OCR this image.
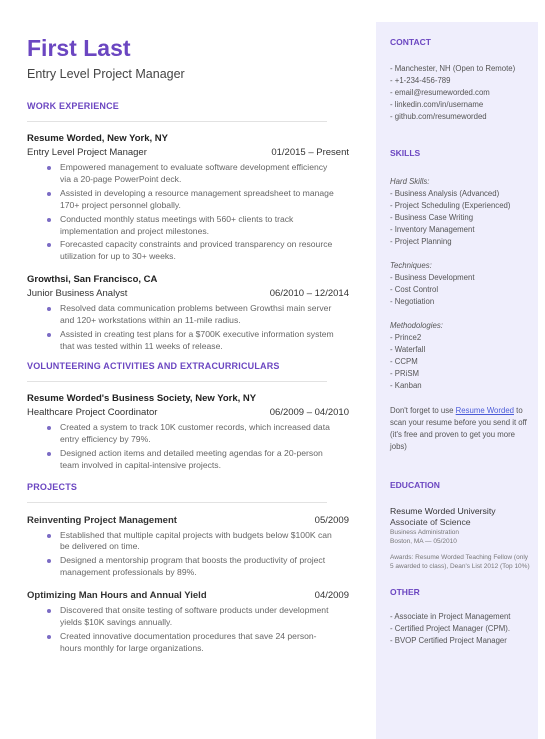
First Last
Entry Level Project Manager
WORK EXPERIENCE
Resume Worded, New York, NY
Entry Level Project Manager	01/2015 – Present
Empowered management to evaluate software development efficiency via a 20-page PowerPoint deck.
Assisted in developing a resource management spreadsheet to manage 170+ project personnel globally.
Conducted monthly status meetings with 560+ clients to track implementation and project milestones.
Forecasted capacity constraints and proviced transparency on resource utilization for up to 30+ weeks.
Growthsi, San Francisco, CA
Junior Business Analyst	06/2010 – 12/2014
Resolved data communication problems between Growthsi main server and 120+ workstations within an 11-mile radius.
Assisted in creating test plans for a $700K executive information system that was tested within 11 weeks of release.
VOLUNTEERING ACTIVITIES AND EXTRACURRICULARS
Resume Worded's Business Society, New York, NY
Healthcare Project Coordinator	06/2009 – 04/2010
Created a system to track 10K customer records, which increased data entry efficiency by 79%.
Designed action items and detailed meeting agendas for a 20-person team involved in capital-intensive projects.
PROJECTS
Reinventing Project Management	05/2009
Established that multiple capital projects with budgets below $100K can be delivered on time.
Designed a mentorship program that boosts the productivity of project management professionals by 89%.
Optimizing Man Hours and Annual Yield	04/2009
Discovered that onsite testing of software products under development yields $10K savings annually.
Created innovative documentation procedures that save 24 person-hours monthly for large organizations.
CONTACT
- Manchester, NH (Open to Remote)
- +1-234-456-789
- email@resumeworded.com
- linkedin.com/in/username
- github.com/resumeworded
SKILLS
Hard Skills:
- Business Analysis (Advanced)
- Project Scheduling (Experienced)
- Business Case Writing
- Inventory Management
- Project Planning
Techniques:
- Business Development
- Cost Control
- Negotiation
Methodologies:
- Prince2
- Waterfall
- CCPM
- PRiSM
- Kanban
Don't forget to use Resume Worded to scan your resume before you send it off (it's free and proven to get you more jobs)
EDUCATION
Resume Worded University
Associate of Science
Business Administration
Boston, MA — 05/2010
Awards: Resume Worded Teaching Fellow (only 5 awarded to class), Dean's List 2012 (Top 10%)
OTHER
- Associate in Project Management
- Certified Project Manager (CPM).
- BVOP Certified Project Manager
